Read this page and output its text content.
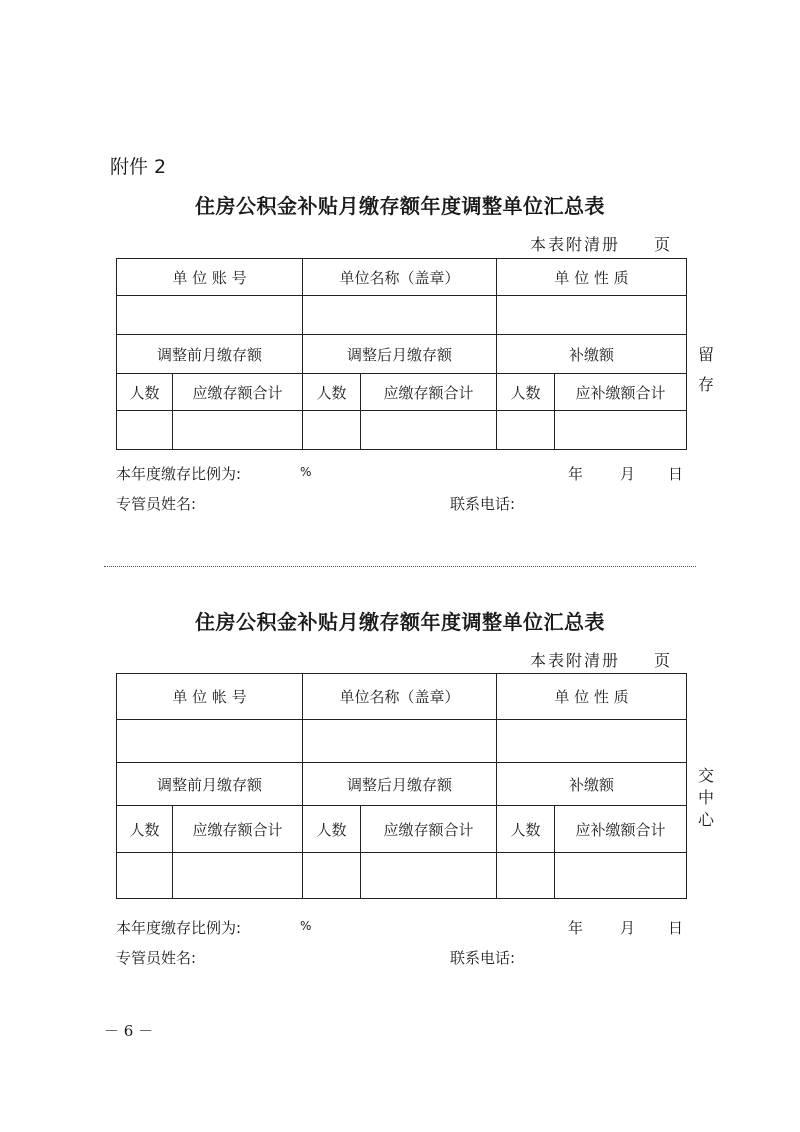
附件 2
住房公积金补贴月缴存额年度调整单位汇总表
本表附清册 页
单 位 账 号		单位名称（盖章）		单 位 性 质	

调整前月缴存额		调整后月缴存额		补缴额	
人数	应缴存额合计	人数	应缴存额合计	人数	应补缴额合计

留
存
本年度缴存比例为:	%	年 月 日
专管员姓名:	联系电话:
住房公积金补贴月缴存额年度调整单位汇总表
本表附清册 页
单 位 帐 号		单位名称（盖章）		单 位 性 质	

调整前月缴存额		调整后月缴存额		补缴额	
人数	应缴存额合计	人数	应缴存额合计	人数	应补缴额合计

交
中
心
本年度缴存比例为:	%	年 月 日
专管员姓名:	联系电话:
－ 6 －
